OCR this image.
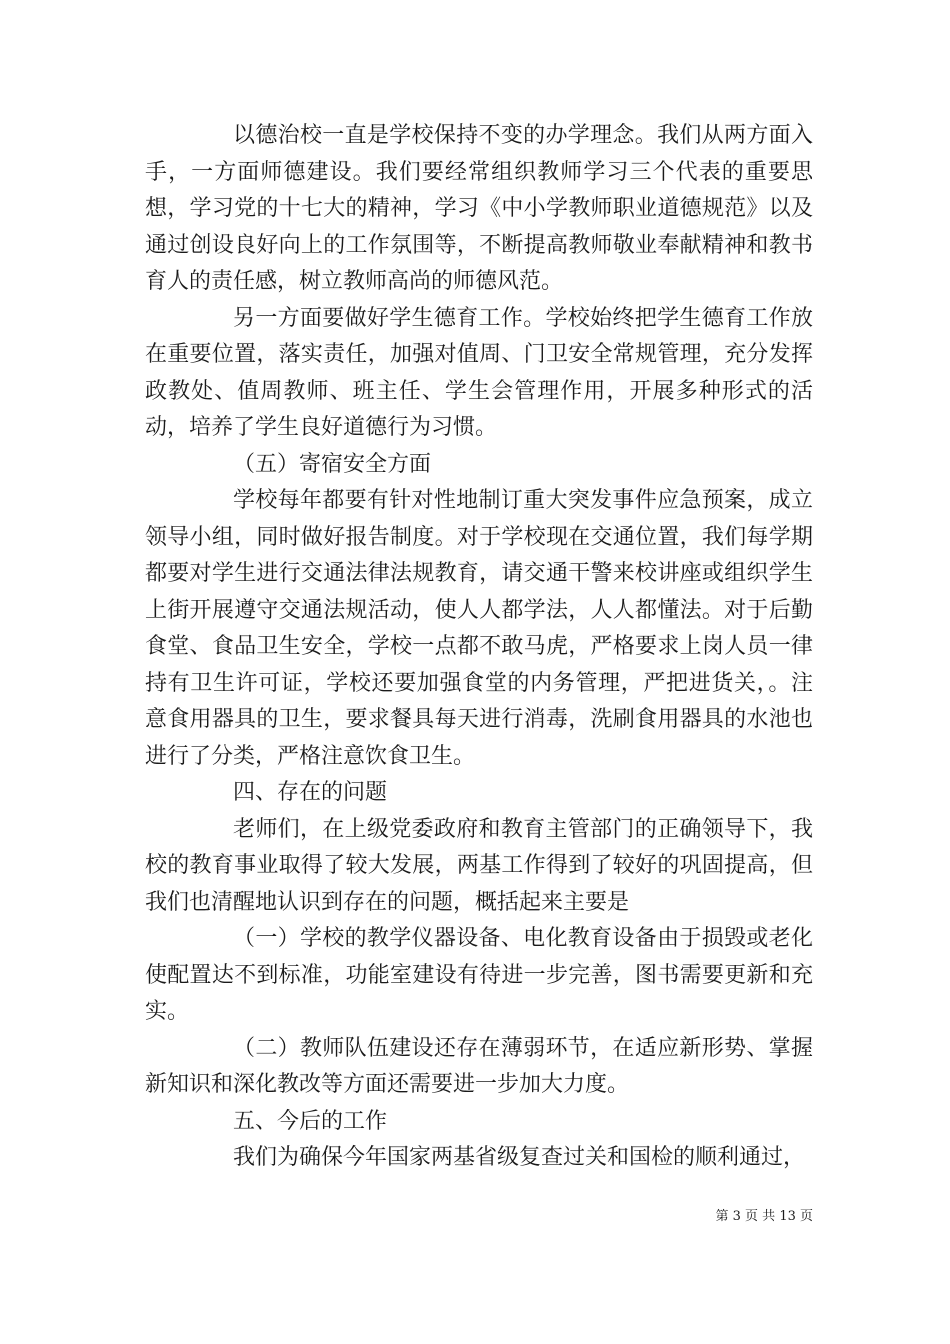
以德治校一直是学校保持不变的办学理念。我们从两方面入手，一方面师德建设。我们要经常组织教师学习三个代表的重要思想，学习党的十七大的精神，学习《中小学教师职业道德规范》以及通过创设良好向上的工作氛围等，不断提高教师敬业奉献精神和教书育人的责任感，树立教师高尚的师德风范。

另一方面要做好学生德育工作。学校始终把学生德育工作放在重要位置，落实责任，加强对值周、门卫安全常规管理，充分发挥政教处、值周教师、班主任、学生会管理作用，开展多种形式的活动，培养了学生良好道德行为习惯。

（五）寄宿安全方面

学校每年都要有针对性地制订重大突发事件应急预案，成立领导小组，同时做好报告制度。对于学校现在交通位置，我们每学期都要对学生进行交通法律法规教育，请交通干警来校讲座或组织学生上街开展遵守交通法规活动，使人人都学法，人人都懂法。对于后勤食堂、食品卫生安全，学校一点都不敢马虎，严格要求上岗人员一律持有卫生许可证，学校还要加强食堂的内务管理，严把进货关，。注意食用器具的卫生，要求餐具每天进行消毒，洗刷食用器具的水池也进行了分类，严格注意饮食卫生。

四、存在的问题

老师们，在上级党委政府和教育主管部门的正确领导下，我校的教育事业取得了较大发展，两基工作得到了较好的巩固提高，但我们也清醒地认识到存在的问题，概括起来主要是

（一）学校的教学仪器设备、电化教育设备由于损毁或老化使配置达不到标准，功能室建设有待进一步完善，图书需要更新和充实。

（二）教师队伍建设还存在薄弱环节，在适应新形势、掌握新知识和深化教改等方面还需要进一步加大力度。

五、今后的工作

我们为确保今年国家两基省级复查过关和国检的顺利通过，

第 3 页 共 13 页
